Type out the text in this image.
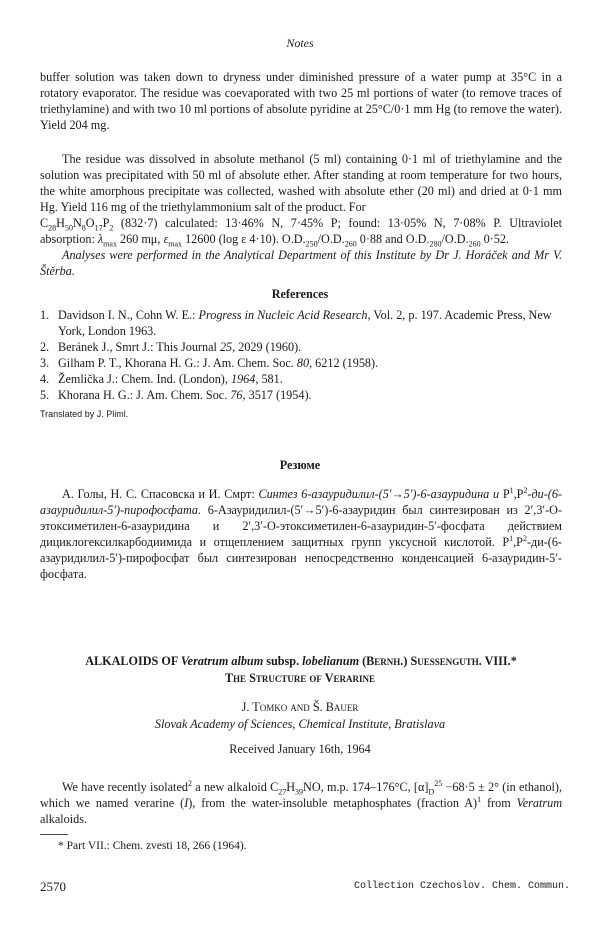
Notes
buffer solution was taken down to dryness under diminished pressure of a water pump at 35°C in a rotatory evaporator. The residue was coevaporated with two 25 ml portions of water (to remove traces of triethylamine) and with two 10 ml portions of absolute pyridine at 25°C/0·1 mm Hg (to remove the water). Yield 204 mg.
The residue was dissolved in absolute methanol (5 ml) containing 0·1 ml of triethylamine and the solution was precipitated with 50 ml of absolute ether. After standing at room temperature for two hours, the white amorphous precipitate was collected, washed with absolute ether (20 ml) and dried at 0·1 mm Hg. Yield 116 mg of the triethylammonium salt of the product. For
$C_{28}H_{50}N_8O_{17}P_2$ (832·7) calculated: 13·46% N, 7·45% P; found: 13·05% N, 7·08% P. Ultraviolet absorption: $\lambda_{max}$ 260 mμ, $\varepsilon_{max}$ 12600 (log ε 4·10). $O.D._{250}/O.D._{260}$ 0·88 and $O.D._{280}/O.D._{260}$ 0·52.
Analyses were performed in the Analytical Department of this Institute by Dr J. Horáček and Mr V. Štěrba.
References
1. Davidson I. N., Cohn W. E.: Progress in Nucleic Acid Research, Vol. 2, p. 197. Academic Press, New York, London 1963.
2. Beránek J., Smrt J.: This Journal 25, 2029 (1960).
3. Gilham P. T., Khorana H. G.: J. Am. Chem. Soc. 80, 6212 (1958).
4. Žemlička J.: Chem. Ind. (London), 1964, 581.
5. Khorana H. G.: J. Am. Chem. Soc. 76, 3517 (1954).
Translated by J. Pliml.
Резюме
А. Голы, Н. С. Спасовска и И. Смрт: Синтез 6-азауридилил-(5′→5′)-6-азауридина и $P^1,P^2-ди-(6-азауридилил-5')$-пирофосфата. 6-Азауридилил-(5′→5′)-6-азауридин был синтезирован из 2′,3′-О-этоксиметилен-6-азауридина и 2′,3′-О-этоксиметилен-6-азауридин-5′-фосфата действием дициклогексилкарбодиимида и отщеплением защитных групп уксусной кислотой. $P^1,P^2-ди-(6-азауридилил-5')$-пирофосфат был синтезирован непосредственно конденсацией 6-азауридин-5′-фосфата.
ALKALOIDS OF Veratrum album subsp. lobelianum (Bernh.) Suessenguth. VIII.*
The Structure of Verarine
J. Tomko and Š. Bauer
Slovak Academy of Sciences, Chemical Institute, Bratislava
Received January 16th, 1964
We have recently isolated$^2$ a new alkaloid $C_{27}H_{39}NO$, m.p. 174–176°C, $[\alpha]_D^{25} -68\cdot 5 \pm 2^\circ$ (in ethanol), which we named verarine (I), from the water-insoluble metaphosphates (fraction A)$^1$ from Veratrum alkaloids.
* Part VII.: Chem. zvesti 18, 266 (1964).
2570	Collection Czechoslov. Chem. Commun.
